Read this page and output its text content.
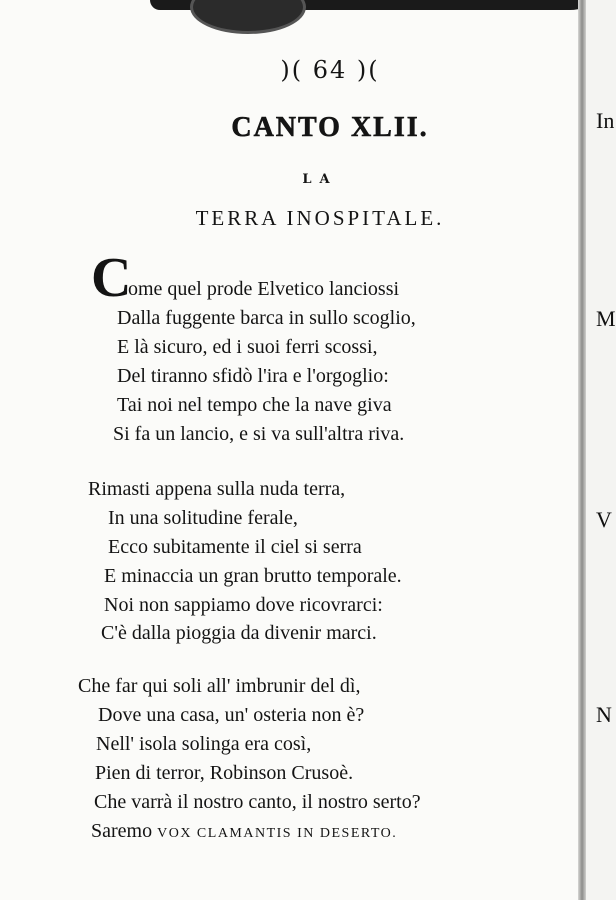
)( 64 )(
CANTO XLII.
LA
TERRA INOSPITALE.
C
ome quel prode Elvetico lanciossi
Dalla fuggente barca in sullo scoglio,
E là sicuro, ed i suoi ferri scossi,
Del tiranno sfidò l'ira e l'orgoglio:
Tai noi nel tempo che la nave giva
Si fa un lancio, e si va sull'altra riva.
Rimasti appena sulla nuda terra,
In una solitudine ferale,
Ecco subitamente il ciel si serra
E minaccia un gran brutto temporale.
Noi non sappiamo dove ricovrarci:
C'è dalla pioggia da divenir marci.
Che far qui soli all' imbrunir del dì,
Dove una casa, un' osteria non è?
Nell' isola solinga era così,
Pien di terror, Robinson Crusoè.
Che varrà il nostro canto, il nostro serto?
Saremo VOX CLAMANTIS IN DESERTO.
In
M
V
N
